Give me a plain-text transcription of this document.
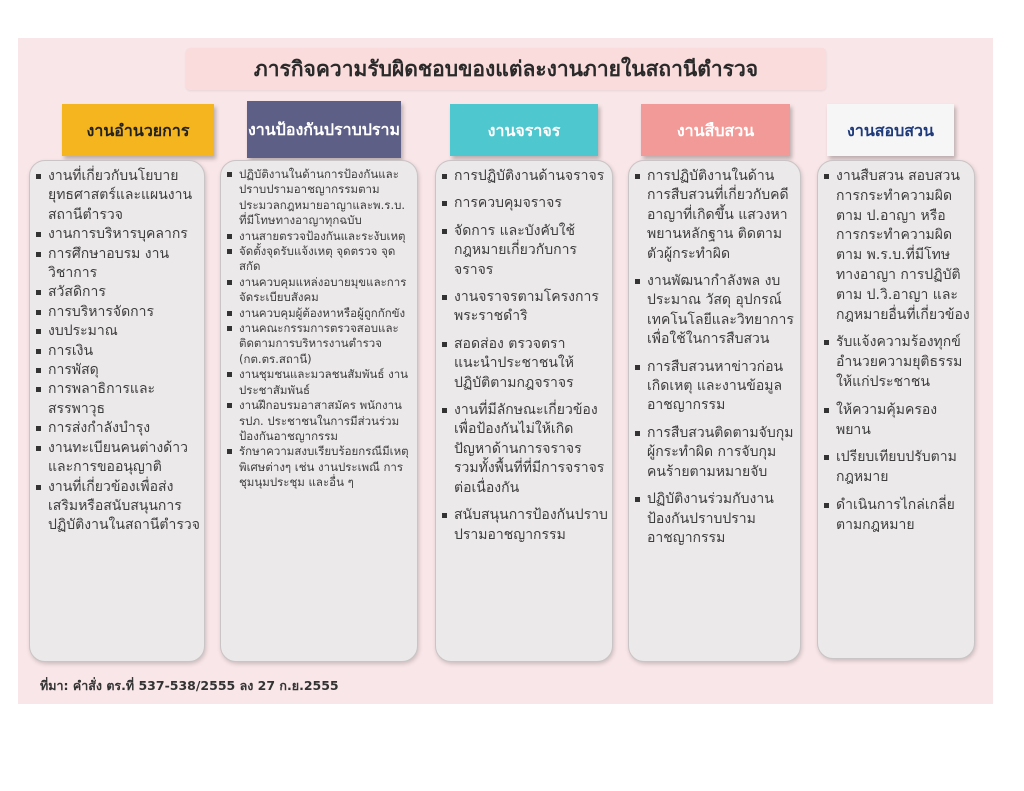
ภารกิจความรับผิดชอบของแต่ละงานภายในสถานีตำรวจ
งานอำนวยการ	งานป้องกันปราบปราม	งานจราจร	งานสืบสวน	งานสอบสวน
งานที่เกี่ยวกับนโยบาย ยุทธศาสตร์และแผนงานสถานีตำรวจ
งานการบริหารบุคลากร
การศึกษาอบรม งานวิชาการ
สวัสดิการ
การบริหารจัดการ
งบประมาณ
การเงิน
การพัสดุ
การพลาธิการและสรรพาวุธ
การส่งกำลังบำรุง
งานทะเบียนคนต่างด้าวและการขออนุญาติ
งานที่เกี่ยวข้องเพื่อส่งเสริมหรือสนับสนุนการปฏิบัติงานในสถานีตำรวจ
ปฏิบัติงานในด้านการป้องกันและปราบปรามอาชญากรรมตามประมวลกฎหมายอาญาและพ.ร.บ. ที่มีโทษทางอาญาทุกฉบับ
งานสายตรวจป้องกันและระงับเหตุ
จัดตั้งจุดรับแจ้งเหตุ จุดตรวจ จุดสกัด
งานควบคุมแหล่งอบายมุขและการจัดระเบียบสังคม
งานควบคุมผู้ต้องหาหรือผู้ถูกกักขัง
งานคณะกรรมการตรวจสอบและติดตามการบริหารงานตำรวจ (กต.ตร.สถานี)
งานชุมชนและมวลชนสัมพันธ์ งานประชาสัมพันธ์
งานฝึกอบรมอาสาสมัคร พนักงาน รปภ. ประชาชนในการมีส่วนร่วมป้องกันอาชญากรรม
รักษาความสงบเรียบร้อยกรณีมีเหตุพิเศษต่างๆ เช่น งานประเพณี การชุมนุมประชุม และอื่น ๆ
การปฏิบัติงานด้านจราจร
การควบคุมจราจร
จัดการ และบังคับใช้กฎหมายเกี่ยวกับการจราจร
งานจราจรตามโครงการพระราชดำริ
สอดส่อง ตรวจตรา แนะนำประชาชนให้ปฏิบัติตามกฎจราจร
งานที่มีลักษณะเกี่ยวข้อง เพื่อป้องกันไม่ให้เกิดปัญหาด้านการจราจร รวมทั้งพื้นที่ที่มีการจราจรต่อเนื่องกัน
สนับสนุนการป้องกันปราบปรามอาชญากรรม
การปฏิบัติงานในด้านการสืบสวนที่เกี่ยวกับคดีอาญาที่เกิดขึ้น แสวงหาพยานหลักฐาน ติดตามตัวผู้กระทำผิด
งานพัฒนากำลังพล งบประมาณ วัสดุ อุปกรณ์ เทคโนโลยีและวิทยาการ เพื่อใช้ในการสืบสวน
การสืบสวนหาข่าวก่อนเกิดเหตุ และงานข้อมูลอาชญากรรม
การสืบสวนติดตามจับกุมผู้กระทำผิด การจับกุมคนร้ายตามหมายจับ
ปฏิบัติงานร่วมกับงานป้องกันปราบปรามอาชญากรรม
งานสืบสวน สอบสวนการกระทำความผิด ตาม ป.อาญา หรือการกระทำความผิดตาม พ.ร.บ.ที่มีโทษทางอาญา การปฏิบัติตาม ป.วิ.อาญา และกฎหมายอื่นที่เกี่ยวข้อง
รับแจ้งความร้องทุกข์ อำนวยความยุติธรรมให้แก่ประชาชน
ให้ความคุ้มครองพยาน
เปรียบเทียบปรับตามกฎหมาย
ดำเนินการไกล่เกลี่ยตามกฎหมาย
ที่มา: คำสั่ง ตร.ที่ 537-538/2555 ลง 27 ก.ย.2555
